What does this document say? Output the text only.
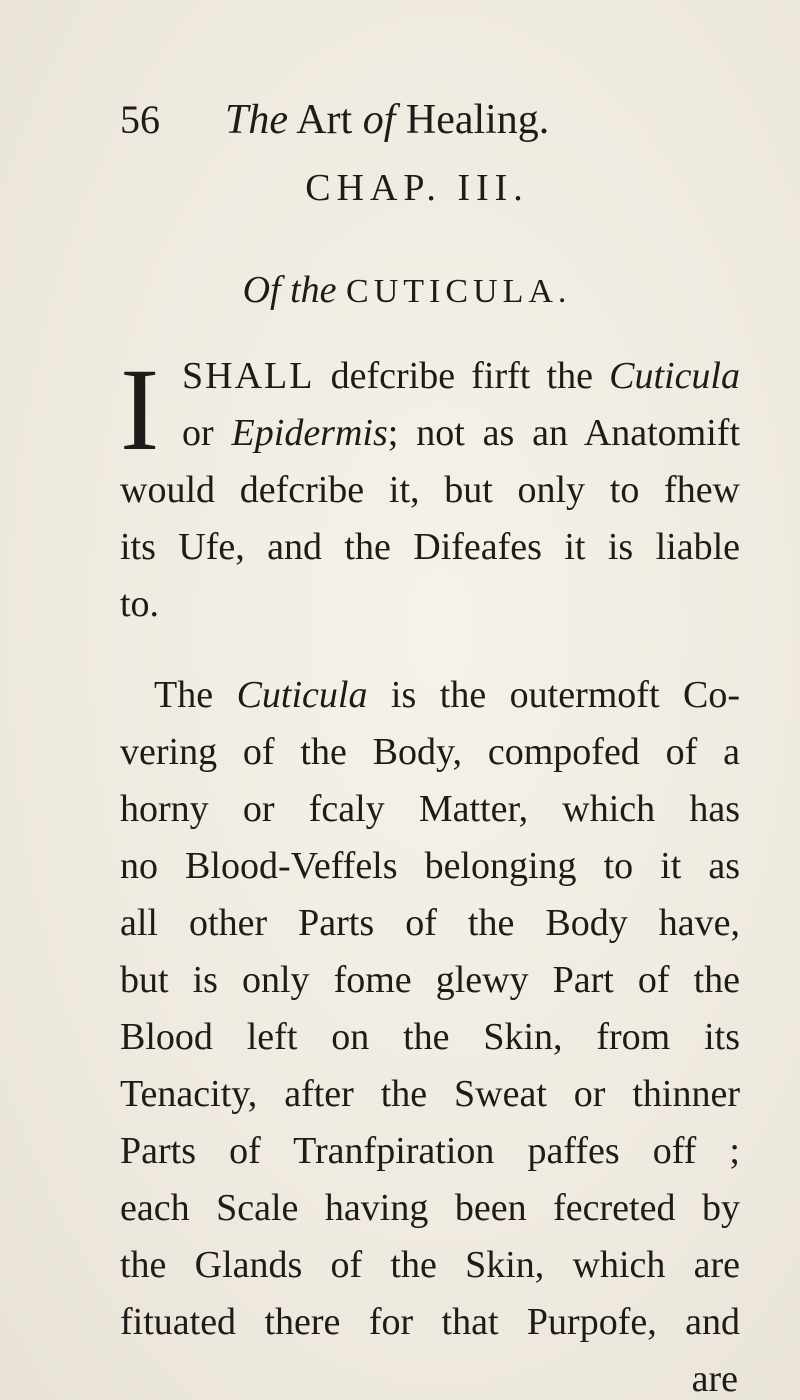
56 The Art of Healing.
CHAP. III.
Of the CUTICULA.
I SHALL defcribe firft the Cuticula
or Epidermis; not as an Anatomift
would defcribe it, but only to fhew
its Ufe, and the Difeafes it is liable
to.
The Cuticula is the outermoft Co-
vering of the Body, compofed of a
horny or fcaly Matter, which has
no Blood-Veffels belonging to it as
all other Parts of the Body have,
but is only fome glewy Part of the
Blood left on the Skin, from its
Tenacity, after the Sweat or thinner
Parts of Tranfpiration paffes off ;
each Scale having been fecreted by
the Glands of the Skin, which are
fituated there for that Purpofe, and
are
